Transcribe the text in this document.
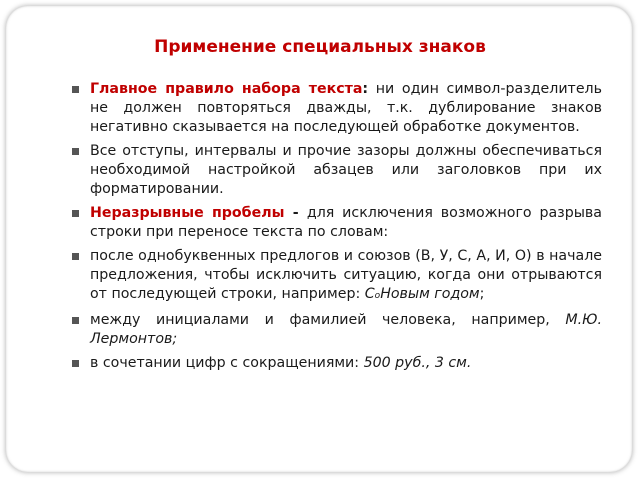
Применение специальных знаков
Главное правило набора текста: ни один символ-разделитель не должен повторяться дважды, т.к. дублирование знаков негативно сказывается на последующей обработке документов.
Все отступы, интервалы и прочие зазоры должны обеспечиваться необходимой настройкой абзацев или заголовков при их форматировании.
Неразрывные пробелы - для исключения возможного разрыва строки при переносе текста по словам:
после однобуквенных предлогов и союзов (В, У, С, А, И, О) в начале предложения, чтобы исключить ситуацию, когда они отрываются от последующей строки, например: СоНовым годом;
между инициалами и фамилией человека, например, М.Ю. Лермонтов;
в сочетании цифр с сокращениями: 500 руб., 3 см.
